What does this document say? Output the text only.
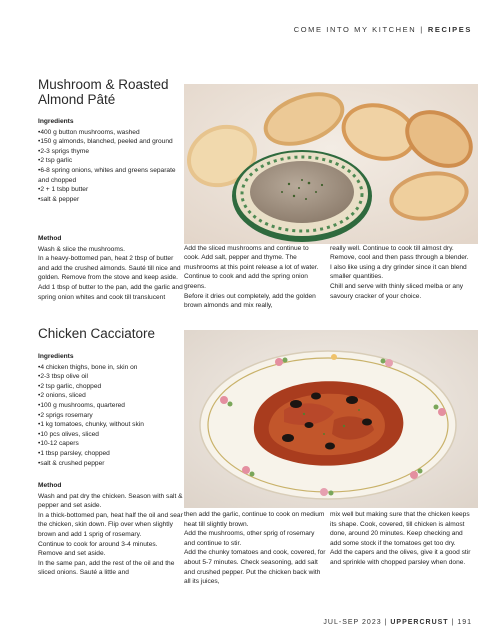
COME INTO MY KITCHEN | RECIPES
Mushroom & Roasted
Almond Pâté
Ingredients
• 400 g button mushrooms, washed
• 150 g almonds, blanched, peeled and ground
• 2-3 sprigs thyme
• 2 tsp garlic
• 6-8 spring onions, whites and greens separate and chopped
• 2 + 1 tsbp butter
• salt & pepper
Method

Wash & slice the mushrooms.

In a heavy-bottomed pan, heat 2 tbsp of butter and add the crushed almonds. Sauté till nice and golden. Remove from the stove and keep aside.

Add 1 tbsp of butter to the pan, add the garlic and spring onion whites and cook till translucent

Add the sliced mushrooms and continue to cook. Add salt, pepper and thyme. The mushrooms at this point release a lot of water. Continue to cook and add the spring onion greens.

Before it dries out completely, add the golden brown almonds and mix really,

really well. Continue to cook till almost dry.

Remove, cool and then pass through a blender. I also like using a dry grinder since it can blend smaller quantities.

Chill and serve with thinly sliced melba or any savoury cracker of your choice.

Chicken Cacciatore
Ingredients
• 4 chicken thighs, bone in, skin on
• 2-3 tbsp olive oil
• 2 tsp garlic, chopped
• 2 onions, sliced
• 100 g mushrooms, quartered
• 2 sprigs rosemary
• 1 kg tomatoes, chunky, without skin
• 10 pcs olives, sliced
• 10-12 capers
• 1 tbsp parsley, chopped
• salt & crushed pepper
Method

Wash and pat dry the chicken. Season with salt & pepper and set aside.

In a thick-bottomed pan, heat half the oil and sear the chicken, skin down. Flip over when slightly brown and add 1 sprig of rosemary.

Continue to cook for around 3-4 minutes. Remove and set aside.

In the same pan, add the rest of the oil and the sliced onions. Sauté a little and

then add the garlic, continue to cook on medium heat till slightly brown.

Add the mushrooms, other sprig of rosemary and continue to stir.

Add the chunky tomatoes and cook, covered, for about 5-7 minutes. Check seasoning, add salt and crushed pepper. Put the chicken back with all its juices,

mix well but making sure that the chicken keeps its shape. Cook, covered, till chicken is almost done, around 20 minutes. Keep checking and add some stock if the tomatoes get too dry.

Add the capers and the olives, give it a good stir and sprinkle with chopped parsley when done.

JUL-SEP 2023 | UPPERCRUST | 191
